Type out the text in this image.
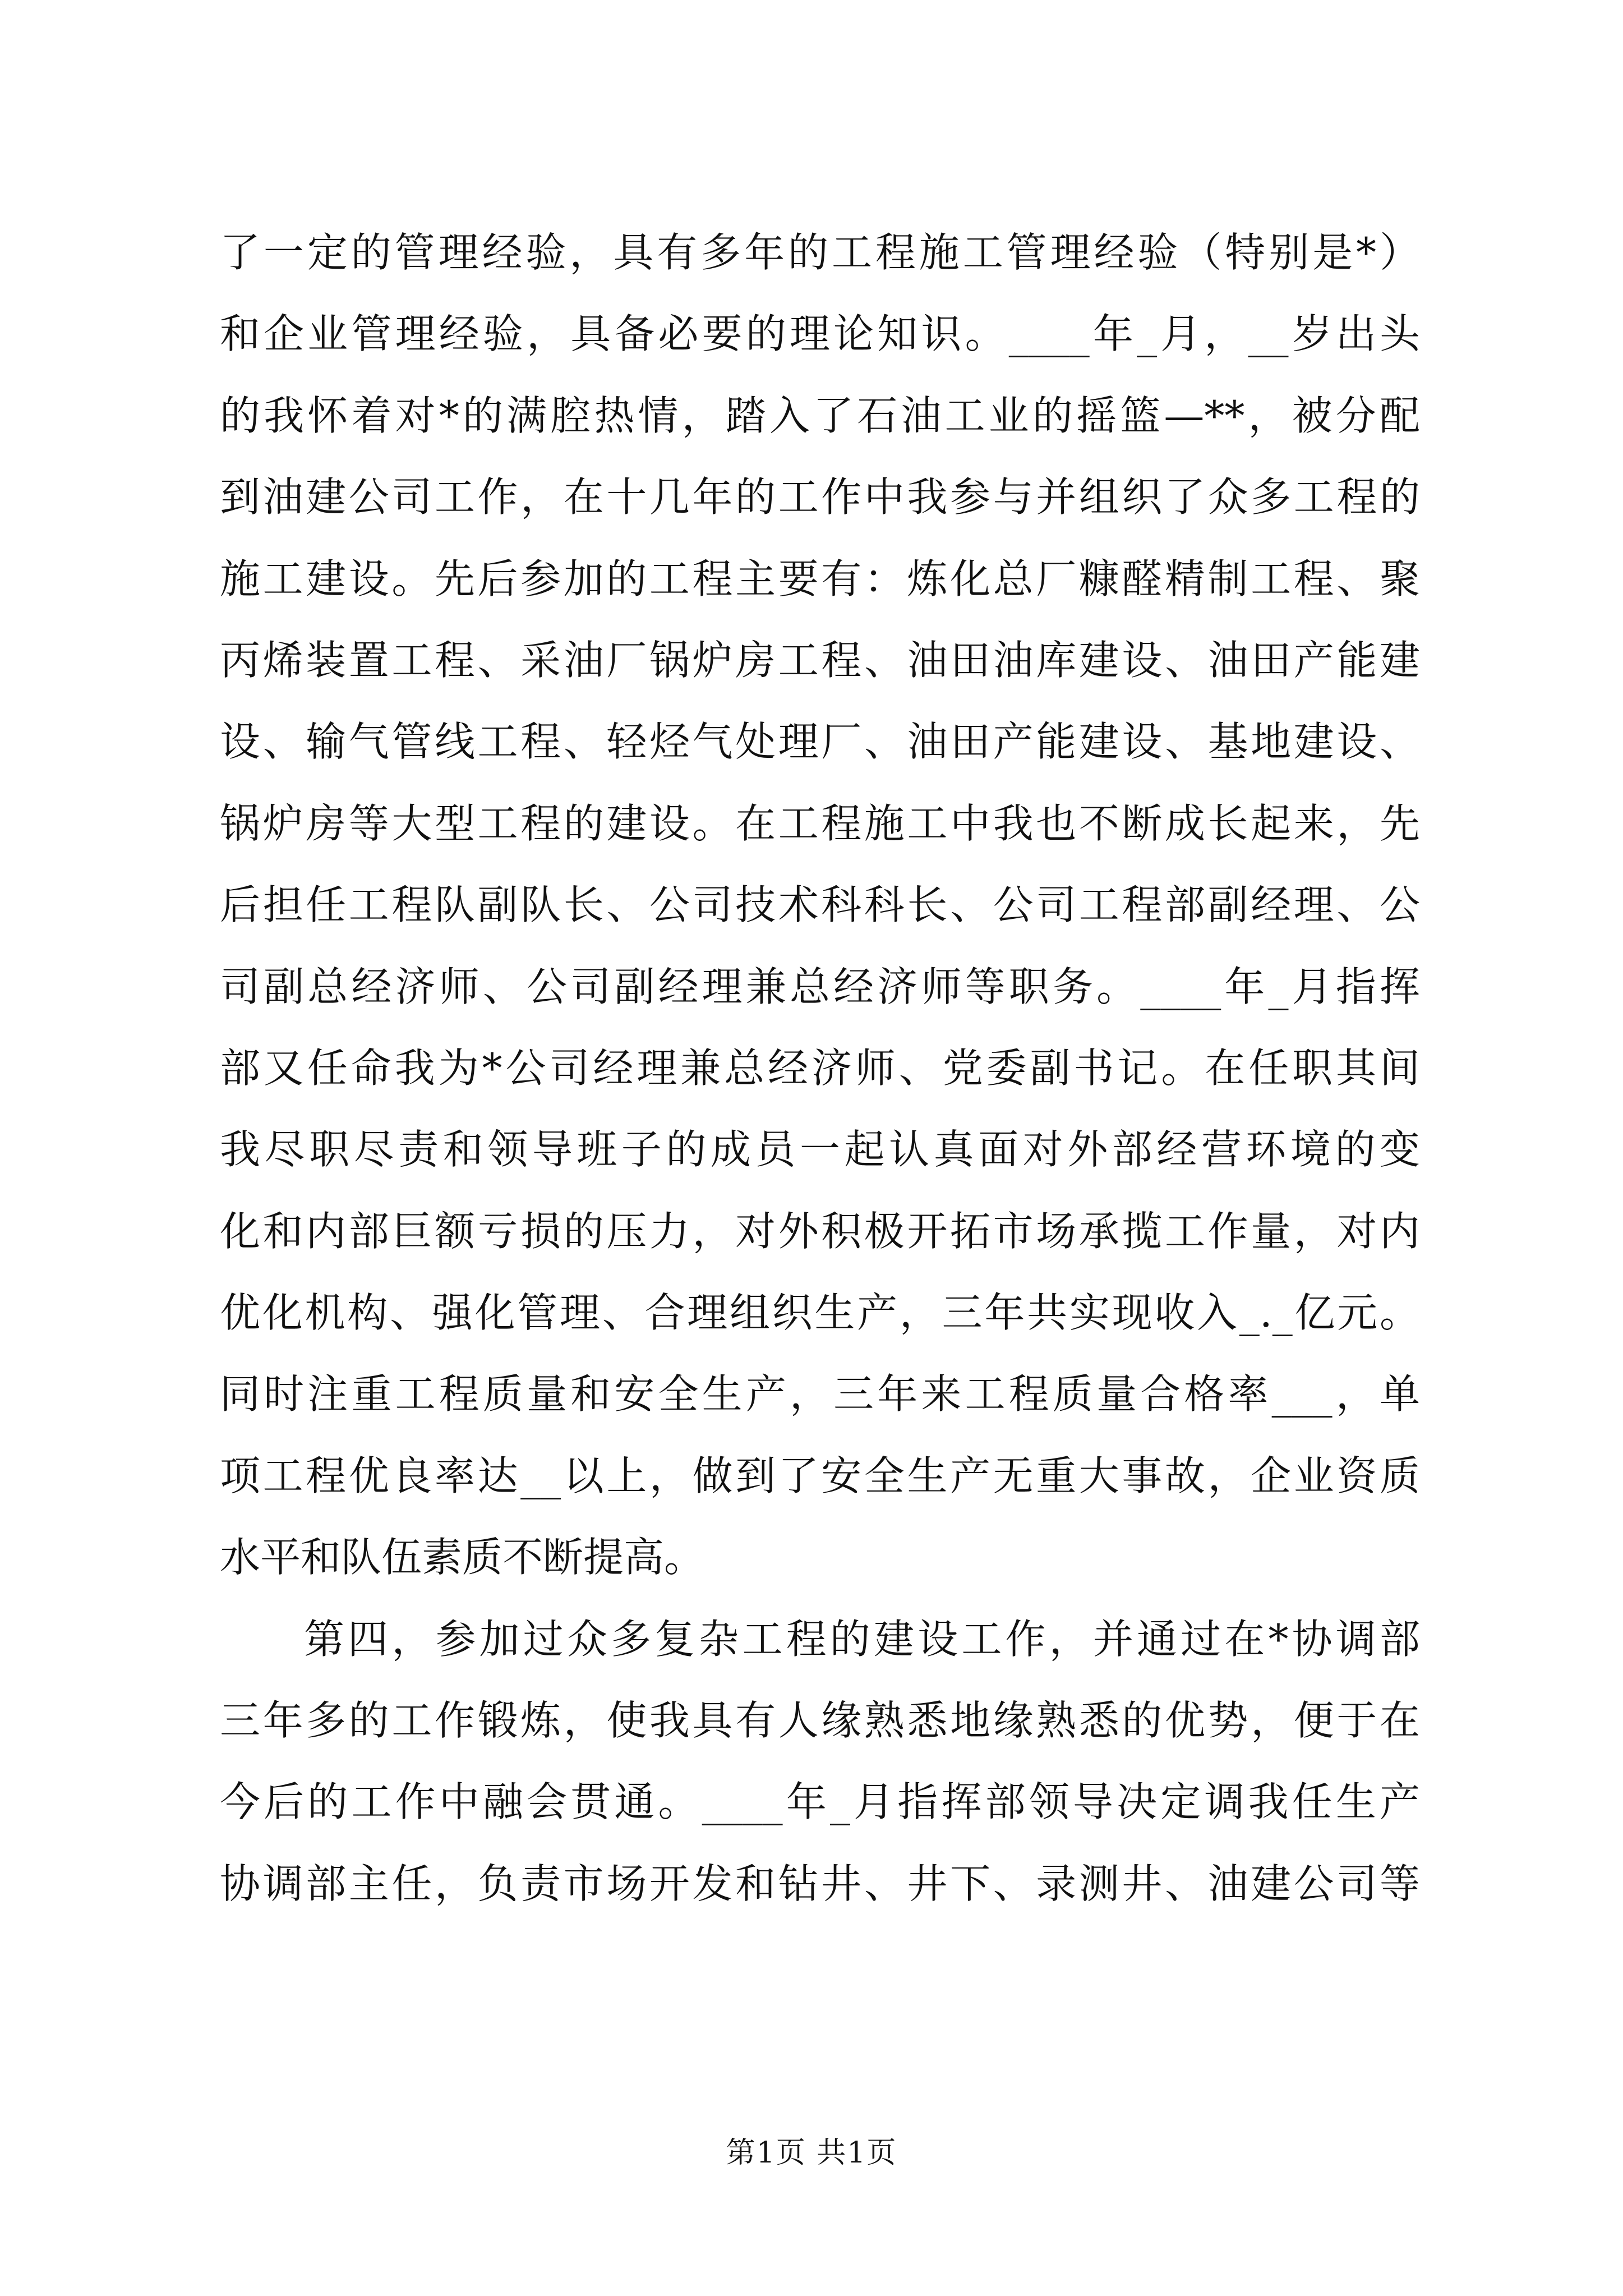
了一定的管理经验，具有多年的工程施工管理经验（特别是*）
和企业管理经验，具备必要的理论知识。____年_月，__岁出头
的我怀着对*的满腔热情，踏入了石油工业的摇篮—**，被分配
到油建公司工作，在十几年的工作中我参与并组织了众多工程的
施工建设。先后参加的工程主要有：炼化总厂糠醛精制工程、聚
丙烯装置工程、采油厂锅炉房工程、油田油库建设、油田产能建
设、输气管线工程、轻烃气处理厂、油田产能建设、基地建设、
锅炉房等大型工程的建设。在工程施工中我也不断成长起来，先
后担任工程队副队长、公司技术科科长、公司工程部副经理、公
司副总经济师、公司副经理兼总经济师等职务。____年_月指挥
部又任命我为*公司经理兼总经济师、党委副书记。在任职其间
我尽职尽责和领导班子的成员一起认真面对外部经营环境的变
化和内部巨额亏损的压力，对外积极开拓市场承揽工作量，对内
优化机构、强化管理、合理组织生产，三年共实现收入_._亿元。
同时注重工程质量和安全生产，三年来工程质量合格率___，单
项工程优良率达__以上，做到了安全生产无重大事故，企业资质
水平和队伍素质不断提高。
第四，参加过众多复杂工程的建设工作，并通过在*协调部
三年多的工作锻炼，使我具有人缘熟悉地缘熟悉的优势，便于在
今后的工作中融会贯通。____年_月指挥部领导决定调我任生产
协调部主任，负责市场开发和钻井、井下、录测井、油建公司等
第1页 共1页
